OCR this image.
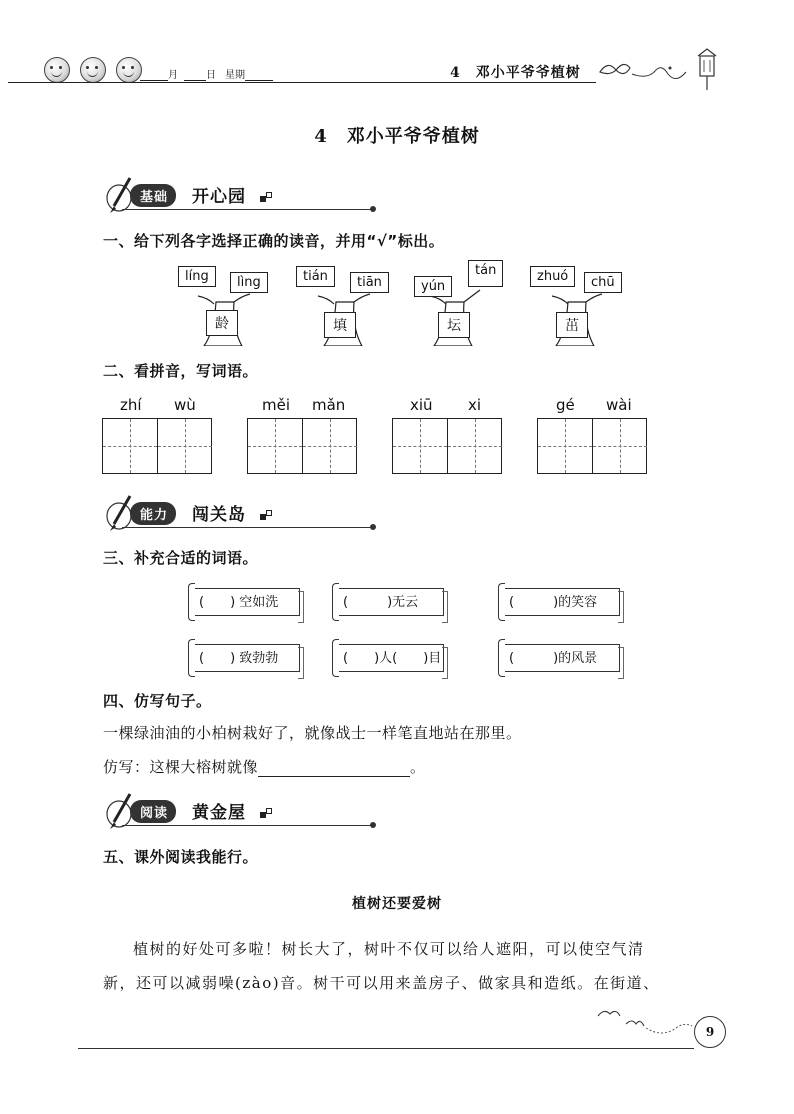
月	日 星期	4　邓小平爷爷植树
4　邓小平爷爷植树
基础	开心园
一、给下列各字选择正确的读音，并用“√”标出。
líng	lìng
龄
tián	tiān
填
yún
tán
坛
zhuó	chū
茁
二、看拼音，写词语。
zhí wù	měi mǎn	xiū xi	gé wài
能力	闯关岛
三、补充合适的词语。
(　　) 空如洗	(　　　)无云	(　　　)的笑容
(　　) 致勃勃	(　　)人(　　)目	(　　　)的风景
四、仿写句子。
一棵绿油油的小柏树栽好了，就像战士一样笔直地站在那里。
仿写：这棵大榕树就像	。
阅读	黄金屋
五、课外阅读我能行。
植树还要爱树
植树的好处可多啦！树长大了，树叶不仅可以给人遮阳，可以使空气清
新，还可以减弱噪(zào)音。树干可以用来盖房子、做家具和造纸。在街道、
9
